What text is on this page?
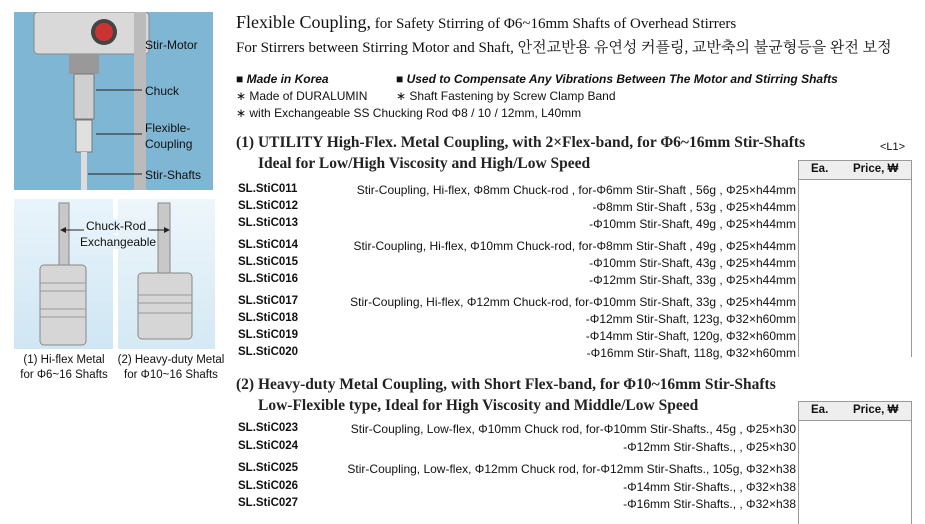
Stir-Motor
Chuck
Flexible-
Coupling
Stir-Shafts
Chuck-Rod
Exchangeable
(1) Hi-flex Metal
for Φ6~16 Shafts
(2) Heavy-duty Metal
for Φ10~16 Shafts
Flexible Coupling, for Safety Stirring of Φ6~16mm Shafts of Overhead Stirrers
For Stirrers between Stirring Motor and Shaft, 안전교반용 유연성 커플링, 교반축의 불균형등을 완전 보정
■ Made in Korea	■ Used to Compensate Any Vibrations Between The Motor and Stirring Shafts
∗ Made of DURALUMIN ∗ Shaft Fastening by Screw Clamp Band
∗ with Exchangeable SS Chucking Rod Φ8 / 10 / 12mm, L40mm
(1) UTILITY High-Flex. Metal Coupling, with 2×Flex-band, for Φ6~16mm Stir-Shafts
Ideal for Low/High Viscosity and High/Low Speed
<L1>
Ea. Price, ₩
SL.StiC011	Stir-Coupling, Hi-flex, Φ8mm Chuck-rod , for-Φ6mm Stir-Shaft , 56g , Φ25×h44mm
SL.StiC012	-Φ8mm Stir-Shaft , 53g , Φ25×h44mm
SL.StiC013	-Φ10mm Stir-Shaft, 49g , Φ25×h44mm
SL.StiC014	Stir-Coupling, Hi-flex, Φ10mm Chuck-rod, for-Φ8mm Stir-Shaft , 49g , Φ25×h44mm
SL.StiC015	-Φ10mm Stir-Shaft, 43g , Φ25×h44mm
SL.StiC016	-Φ12mm Stir-Shaft, 33g , Φ25×h44mm
SL.StiC017	Stir-Coupling, Hi-flex, Φ12mm Chuck-rod, for-Φ10mm Stir-Shaft, 33g , Φ25×h44mm
SL.StiC018	-Φ12mm Stir-Shaft, 123g, Φ32×h60mm
SL.StiC019	-Φ14mm Stir-Shaft, 120g, Φ32×h60mm
SL.StiC020	-Φ16mm Stir-Shaft, 118g, Φ32×h60mm
(2) Heavy-duty Metal Coupling, with Short Flex-band, for Φ10~16mm Stir-Shafts
Low-Flexible type, Ideal for High Viscosity and Middle/Low Speed	Ea. Price, ₩
SL.StiC023	Stir-Coupling, Low-flex, Φ10mm Chuck rod, for-Φ10mm Stir-Shafts., 45g , Φ25×h30
SL.StiC024	-Φ12mm Stir-Shafts., , Φ25×h30
SL.StiC025	Stir-Coupling, Low-flex, Φ12mm Chuck rod, for-Φ12mm Stir-Shafts., 105g, Φ32×h38
SL.StiC026	-Φ14mm Stir-Shafts., , Φ32×h38
SL.StiC027	-Φ16mm Stir-Shafts., , Φ32×h38
